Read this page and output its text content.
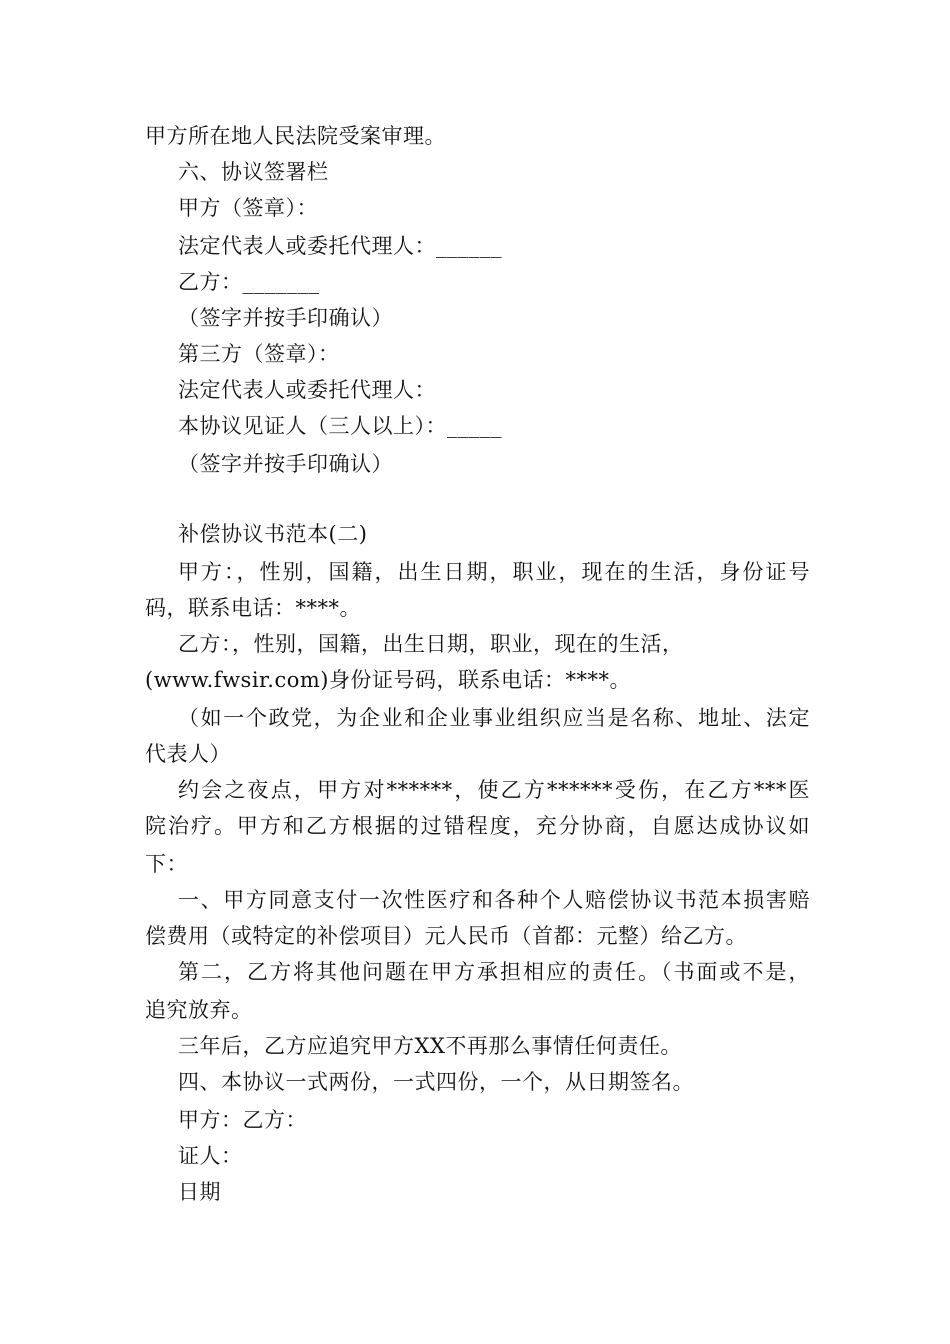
甲方所在地人民法院受案审理。
六、协议签署栏
甲方（签章）：
法定代表人或委托代理人：______
乙方：_______
（签字并按手印确认）
第三方（签章）：
法定代表人或委托代理人：
本协议见证人（三人以上）：_____
（签字并按手印确认）
补偿协议书范本(二)
甲方：，性别，国籍，出生日期，职业，现在的生活，身份证号
码，联系电话：****。
乙方：，性别，国籍，出生日期，职业，现在的生活，
(www.fwsir.com)身份证号码，联系电话：****。
（如一个政党，为企业和企业事业组织应当是名称、地址、法定
代表人）
约会之夜点，甲方对******，使乙方******受伤，在乙方***医
院治疗。甲方和乙方根据的过错程度，充分协商，自愿达成协议如
下：
一、甲方同意支付一次性医疗和各种个人赔偿协议书范本损害赔
偿费用（或特定的补偿项目）元人民币（首都：元整）给乙方。
第二，乙方将其他问题在甲方承担相应的责任。（书面或不是，
追究放弃。
三年后，乙方应追究甲方XX不再那么事情任何责任。
四、本协议一式两份，一式四份，一个，从日期签名。
甲方：乙方：
证人：
日期
